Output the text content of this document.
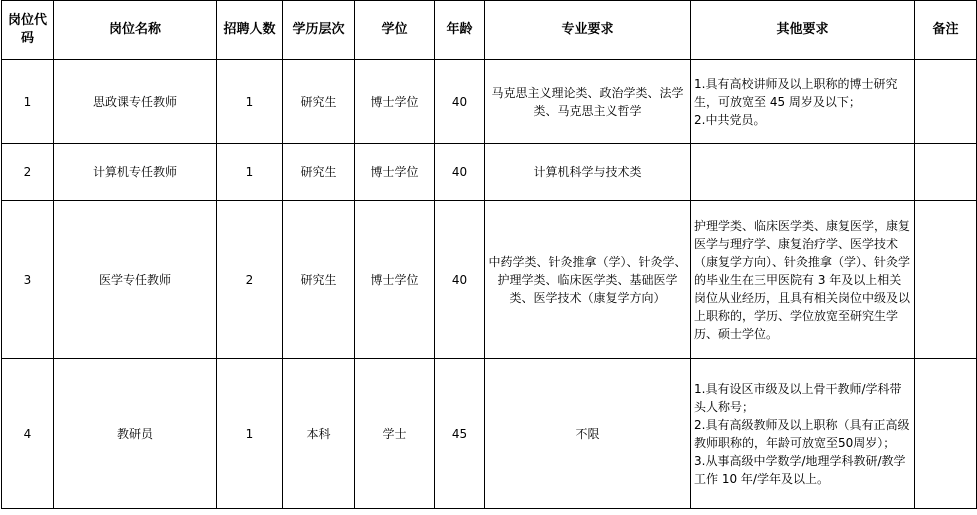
岗位代码	岗位名称	招聘人数	学历层次	学位	年龄	专业要求	其他要求	备注
1	思政课专任教师	1	研究生	博士学位	40	马克思主义理论类、政治学类、法学类、马克思主义哲学	1.具有高校讲师及以上职称的博士研究生，可放宽至 45 周岁及以下；
2.中共党员。	

2	计算机专任教师	1	研究生	博士学位	40	计算机科学与技术类		
3	医学专任教师	2	研究生	博士学位	40	中药学类、针灸推拿（学）、针灸学、护理学类、临床医学类、基础医学类、医学技术（康复学方向）	护理学类、临床医学类、康复医学，康复医学与理疗学、康复治疗学、医学技术（康复学方向）、针灸推拿（学）、针灸学的毕业生在三甲医院有 3 年及以上相关岗位从业经历，且具有相关岗位中级及以上职称的，学历、学位放宽至研究生学历、硕士学位。	

4	教研员	1	本科	学士	45	不限	1.具有设区市级及以上骨干教师/学科带头人称号；
2.具有高级教师及以上职称（具有正高级教师职称的，年龄可放宽至50周岁）；
3.从事高级中学数学/地理学科教研/教学工作 10 年/学年及以上。	
